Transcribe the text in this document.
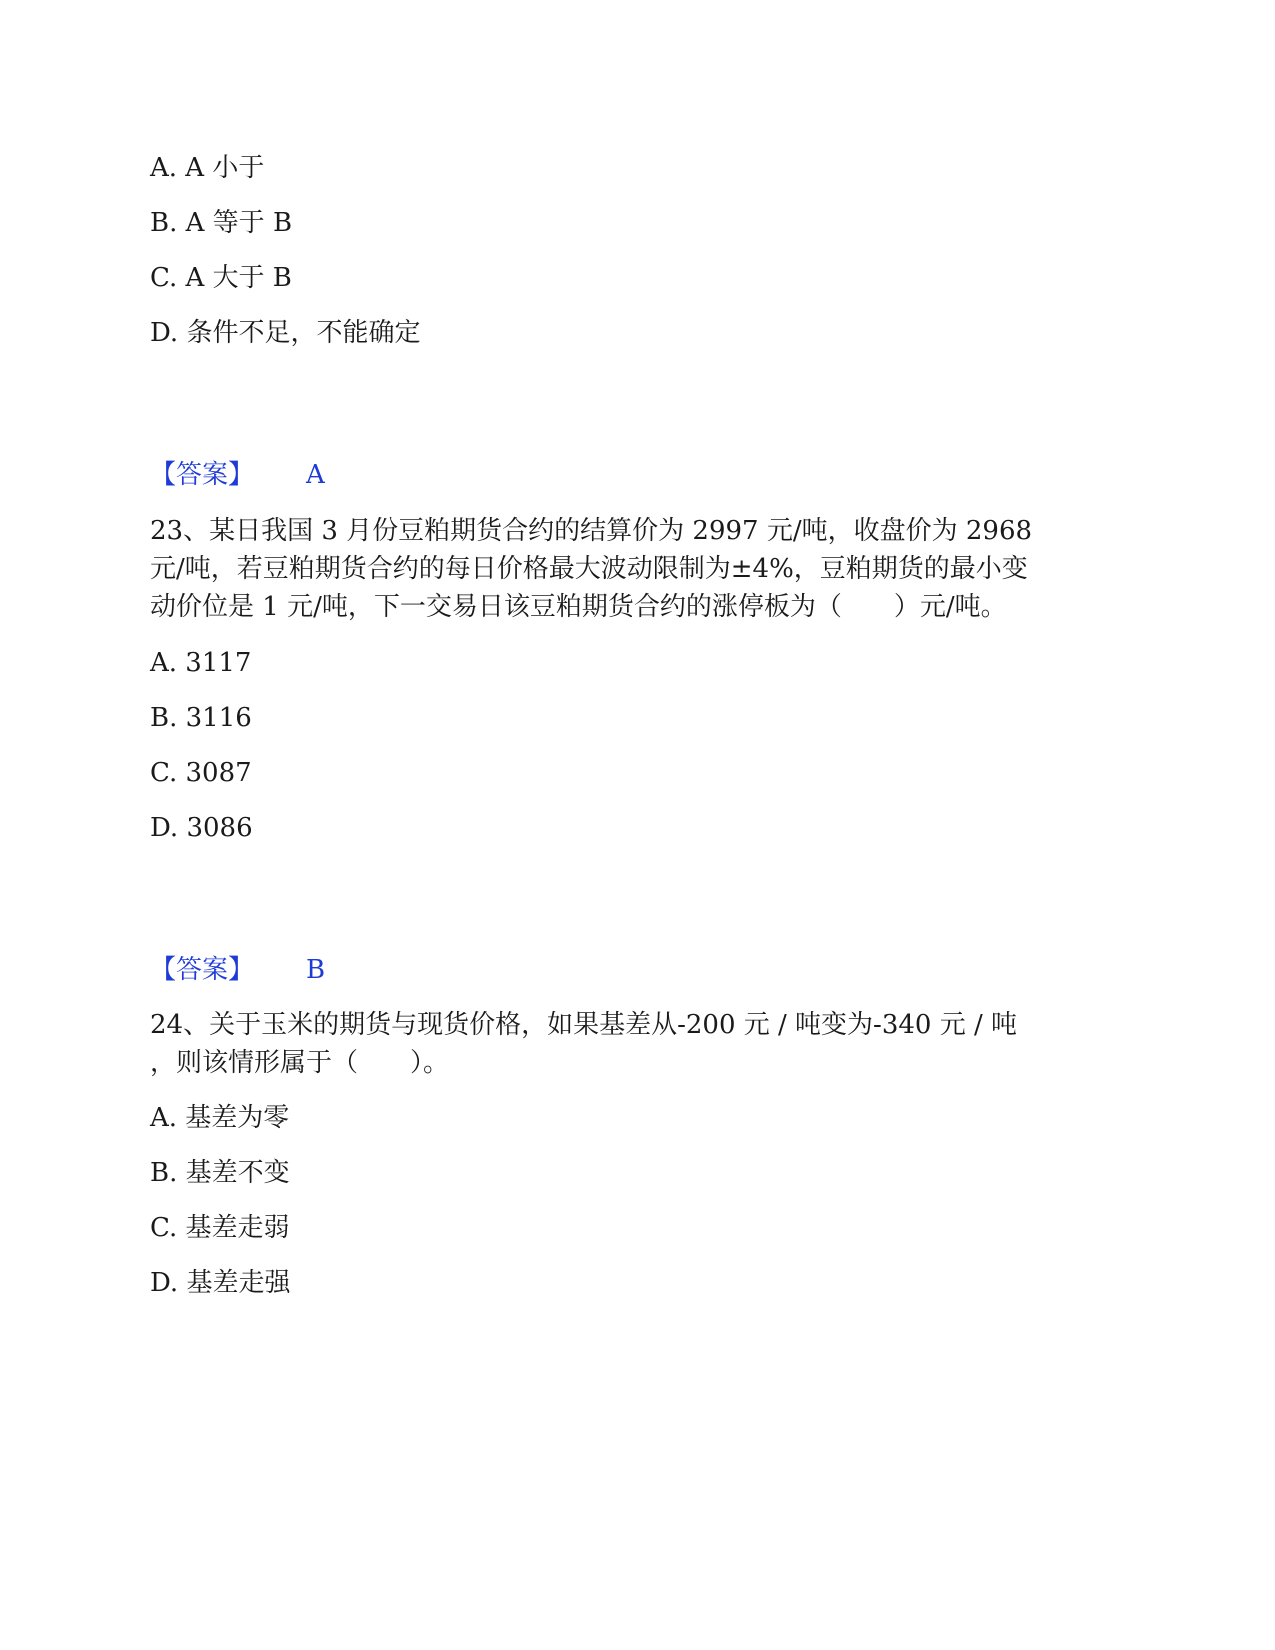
A. A 小于

B. A 等于 B

C. A 大于 B

D. 条件不足，不能确定

【答案】 A

23、某日我国 3 月份豆粕期货合约的结算价为 2997 元/吨，收盘价为 2968

元/吨，若豆粕期货合约的每日价格最大波动限制为±4%，豆粕期货的最小变

动价位是 1 元/吨，下一交易日该豆粕期货合约的涨停板为（　　）元/吨。

A. 3117

B. 3116

C. 3087

D. 3086

【答案】 B

24、关于玉米的期货与现货价格，如果基差从-200 元 / 吨变为-340 元 / 吨

，则该情形属于（　　）。

A. 基差为零

B. 基差不变

C. 基差走弱

D. 基差走强
